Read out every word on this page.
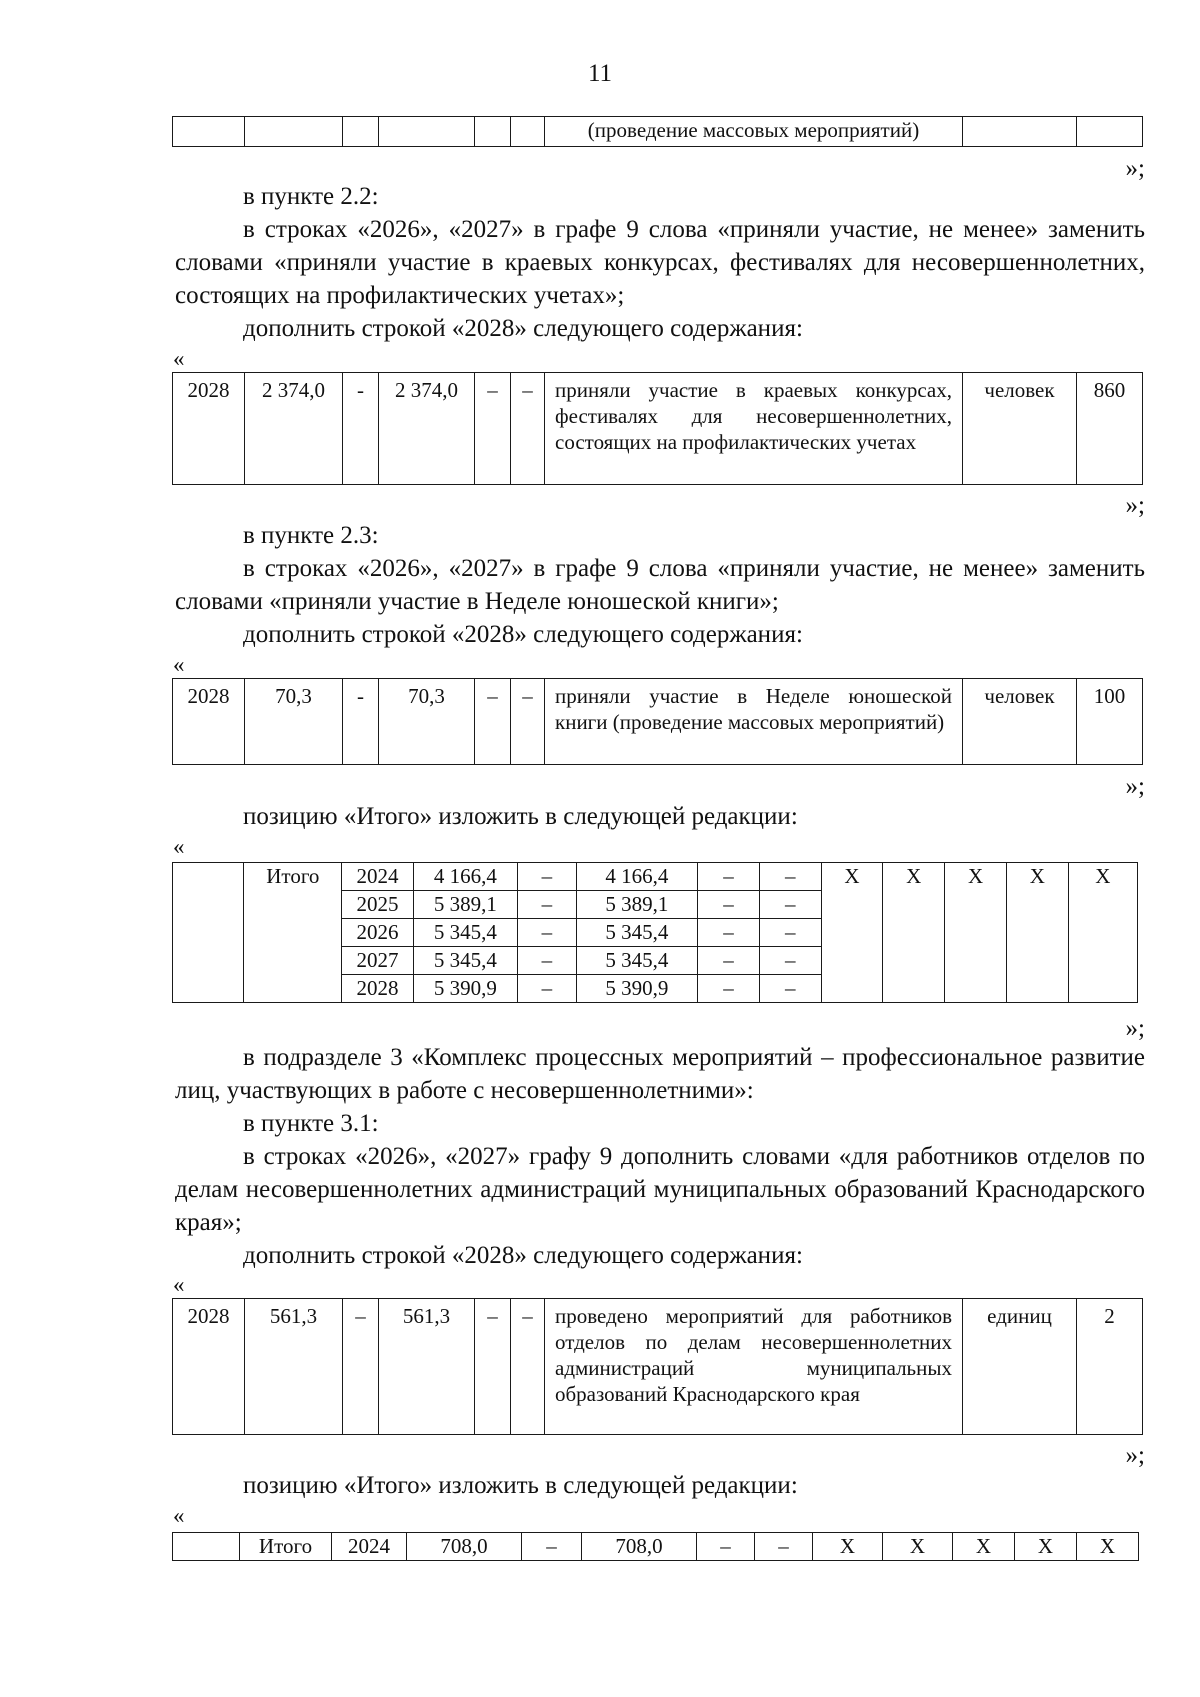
11
						(проведение массовых мероприятий)		
»;
в пункте 2.2:
в строках «2026», «2027» в графе 9 слова «приняли участие, не менее» заменить словами «приняли участие в краевых конкурсах, фестивалях для несовершеннолетних, состоящих на профилактических учетах»;
дополнить строкой «2028» следующего содержания:
«
2028	2 374,0	-	2 374,0	–	–	приняли участие в краевых конкурсах, фестивалях для несовершеннолетних, состоящих на профилактических учетах	человек	860
»;
в пункте 2.3:
в строках «2026», «2027» в графе 9 слова «приняли участие, не менее» заменить словами «приняли участие в Неделе юношеской книги»;
дополнить строкой «2028» следующего содержания:
«
2028	70,3	-	70,3	–	–	приняли участие в Неделе юношеской книги (проведение массовых мероприятий)	человек	100
»;
позицию «Итого» изложить в следующей редакции:
«
	Итого	2024	4 166,4	–	4 166,4	–	–	X	X	X	X	X
		2025	5 389,1	–	5 389,1	–	–					
		2026	5 345,4	–	5 345,4	–	–					
		2027	5 345,4	–	5 345,4	–	–					
		2028	5 390,9	–	5 390,9	–	–					
»;
в подразделе 3 «Комплекс процессных мероприятий – профессиональное развитие лиц, участвующих в работе с несовершеннолетними»:
в пункте 3.1:
в строках «2026», «2027» графу 9 дополнить словами «для работников отделов по делам несовершеннолетних администраций муниципальных образований Краснодарского края»;
дополнить строкой «2028» следующего содержания:
«
2028	561,3	–	561,3	–	–	проведено мероприятий для работников отделов по делам несовершеннолетних администраций муниципальных образований Краснодарского края	единиц	2
»;
позицию «Итого» изложить в следующей редакции:
«
	Итого	2024	708,0	–	708,0	–	–	X	X	X	X	X
